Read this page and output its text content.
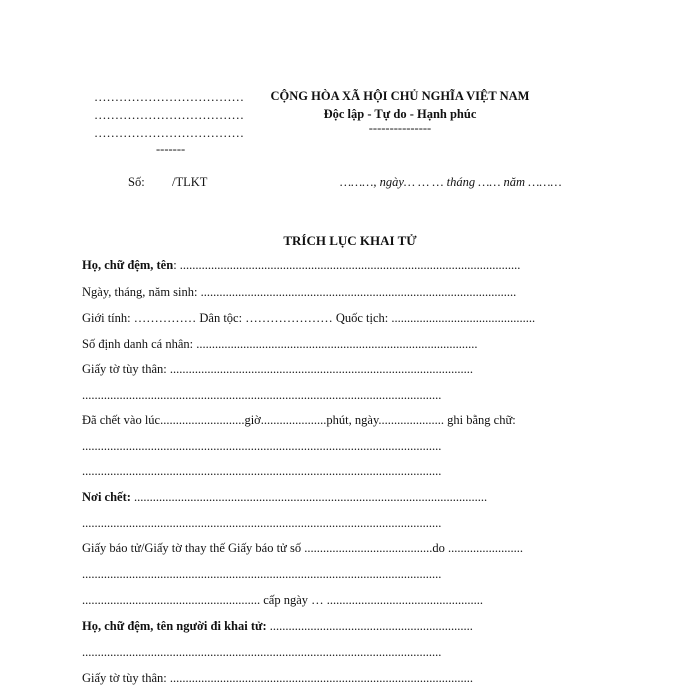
………………………………
………………………………
………………………………
-------
CỘNG HÒA XÃ HỘI CHỦ NGHĨA VIỆT NAM
Độc lập - Tự do - Hạnh phúc
---------------
Số: /TLKT	………, ngày… … … tháng …… năm ………
TRÍCH LỤC KHAI TỬ
Họ, chữ đệm, tên: .............................................................................................................
Ngày, tháng, năm sinh: .....................................................................................................
Giới tính: …………… Dân tộc: ………………… Quốc tịch: ..............................................
Số định danh cá nhân: ..........................................................................................
Giấy tờ tùy thân: .................................................................................................
...................................................................................................................
Đã chết vào lúc...........................giờ.....................phút, ngày..................... ghi bằng chữ:
...................................................................................................................
...................................................................................................................
Nơi chết: .................................................................................................................
...................................................................................................................
Giấy báo tử/Giấy tờ thay thế Giấy báo tử số .........................................do ........................
...................................................................................................................
......................................................... cấp ngày … ..................................................
Họ, chữ đệm, tên người đi khai tử: .................................................................
...................................................................................................................
Giấy tờ tùy thân: .................................................................................................
